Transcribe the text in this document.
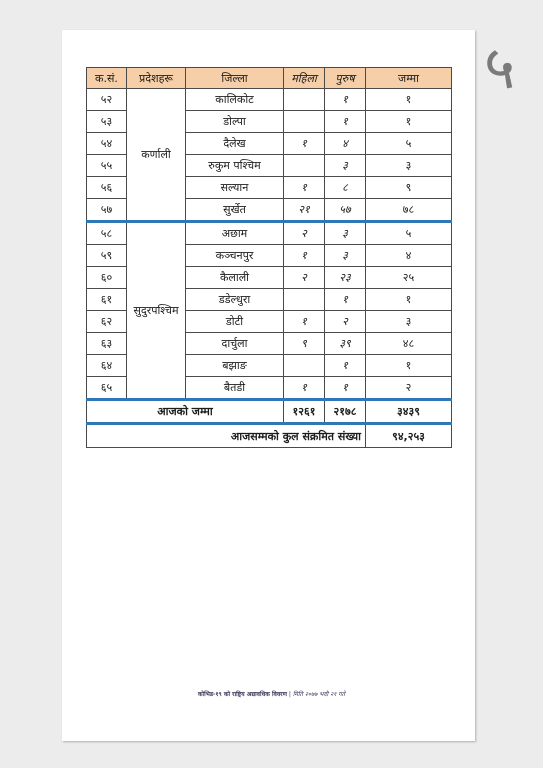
५
क.सं.	प्रदेशहरू	जिल्ला	महिला	पुरुष	जम्मा
५२	कर्णाली	कालिकोट		१	१
५३		डोल्पा		१	१
५४		दैलेख	१	४	५
५५		रुकुम पश्चिम		३	३
५६		सल्यान	१	८	९
५७		सुर्खेत	२१	५७	७८
५८	सुदुरपश्चिम	अछाम	२	३	५
५९		कञ्चनपुर	१	३	४
६०		कैलाली	२	२३	२५
६१		डडेल्धुरा		१	१
६२		डोटी	१	२	३
६३		दार्चुला	९	३९	४८
६४		बझाङ		१	१
६५		बैतडी	१	१	२
आजको जम्मा			१२६१	२१७८	३४३९
आजसम्मको कुल संक्रमित संख्या					९४,२५३
कोभिड-१९ को राष्ट्रिय अद्यावधिक विवरण | मिति २०७७ भदौ २१ गते
